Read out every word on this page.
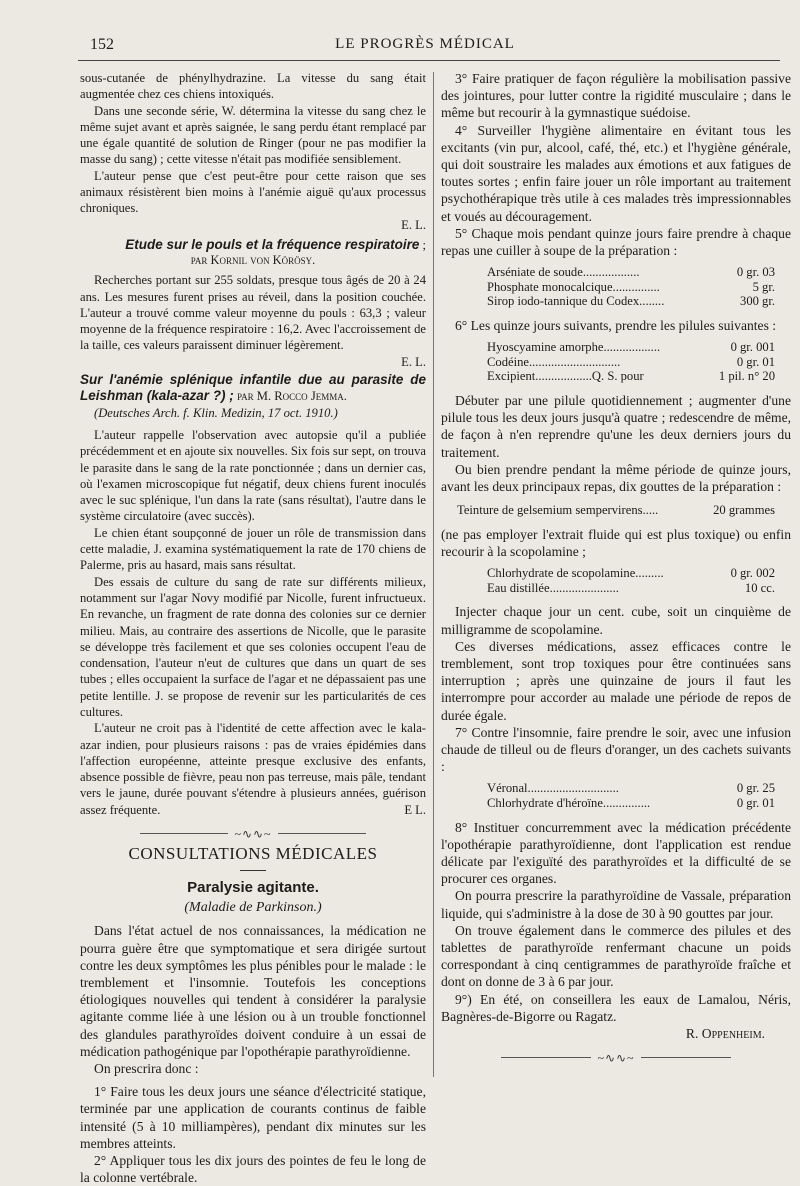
152	LE PROGRÈS MÉDICAL

sous-cutanée de phénylhydrazine. La vitesse du sang était augmentée chez ces chiens intoxiqués.

Dans une seconde série, W. détermina la vitesse du sang chez le même sujet avant et après saignée, le sang perdu étant remplacé par une égale quantité de solution de Ringer (pour ne pas modifier la masse du sang) ; cette vitesse n'était pas modifiée sensiblement.

L'auteur pense que c'est peut-être pour cette raison que ses animaux résistèrent bien moins à l'anémie aiguë qu'aux processus chroniques.

E. L.

Etude sur le pouls et la fréquence respiratoire ;

par Kornil von Körösy.

Recherches portant sur 255 soldats, presque tous âgés de 20 à 24 ans. Les mesures furent prises au réveil, dans la position couchée. L'auteur a trouvé comme valeur moyenne du pouls : 63,3 ; valeur moyenne de la fréquence respiratoire : 16,2. Avec l'accroissement de la taille, ces valeurs paraissent diminuer légèrement.

E. L.

Sur l'anémie splénique infantile due au parasite de Leishman (kala-azar ?) ; par M. Rocco Jemma.

(Deutsches Arch. f. Klin. Medizin, 17 oct. 1910.)

L'auteur rappelle l'observation avec autopsie qu'il a publiée précédemment et en ajoute six nouvelles. Six fois sur sept, on trouva le parasite dans le sang de la rate ponctionnée ; dans un dernier cas, où l'examen microscopique fut négatif, deux chiens furent inoculés avec le suc splénique, l'un dans la rate (sans résultat), l'autre dans le système circulatoire (avec succès).

Le chien étant soupçonné de jouer un rôle de transmission dans cette maladie, J. examina systématiquement la rate de 170 chiens de Palerme, pris au hasard, mais sans résultat.

Des essais de culture du sang de rate sur différents milieux, notamment sur l'agar Novy modifié par Nicolle, furent infructueux. En revanche, un fragment de rate donna des colonies sur ce dernier milieu. Mais, au contraire des assertions de Nicolle, que le parasite se développe très facilement et que ses colonies occupent l'eau de condensation, l'auteur n'eut de cultures que dans un quart de ses tubes ; elles occupaient la surface de l'agar et ne dépassaient pas une petite lentille. J. se propose de revenir sur les particularités de ces cultures.

L'auteur ne croit pas à l'identité de cette affection avec le kala-azar indien, pour plusieurs raisons : pas de vraies épidémies dans l'affection européenne, atteinte presque exclusive des enfants, absence possible de fièvre, peau non pas terreuse, mais pâle, tendant vers le jaune, durée pouvant s'étendre à plusieurs années, guérison assez fréquente.	E L.

~∿∿~
CONSULTATIONS MÉDICALES
Paralysie agitante.
(Maladie de Parkinson.)

Dans l'état actuel de nos connaissances, la médication ne pourra guère être que symptomatique et sera dirigée surtout contre les deux symptômes les plus pénibles pour le malade : le tremblement et l'insomnie. Toutefois les conceptions étiologiques nouvelles qui tendent à considérer la paralysie agitante comme liée à une lésion ou à un trouble fonctionnel des glandules parathyroïdes doivent conduire à un essai de médication pathogénique par l'opothérapie parathyroïdienne.

On prescrira donc :

1° Faire tous les deux jours une séance d'électricité statique, terminée par une application de courants continus de faible intensité (5 à 10 milliampères), pendant dix minutes sur les membres atteints.

2° Appliquer tous les dix jours des pointes de feu le long de la colonne vertébrale.

3° Faire pratiquer de façon régulière la mobilisation passive des jointures, pour lutter contre la rigidité musculaire ; dans le même but recourir à la gymnastique suédoise.

4° Surveiller l'hygiène alimentaire en évitant tous les excitants (vin pur, alcool, café, thé, etc.) et l'hygiène générale, qui doit soustraire les malades aux émotions et aux fatigues de toutes sortes ; enfin faire jouer un rôle important au traitement psychothérapique très utile à ces malades très impressionnables et voués au découragement.

5° Chaque mois pendant quinze jours faire prendre à chaque repas une cuiller à soupe de la préparation :

Arséniate de soude..................	0 gr. 03
Phosphate monocalcique...............	5 gr.
Sirop iodo-tannique du Codex........	300 gr.

6° Les quinze jours suivants, prendre les pilules suivantes :

Hyoscyamine amorphe..................	0 gr. 001
Codéine.............................	0 gr. 01
Excipient..................Q. S. pour	1 pil. n° 20

Débuter par une pilule quotidiennement ; augmenter d'une pilule tous les deux jours jusqu'à quatre ; redescendre de même, de façon à n'en reprendre qu'une les deux derniers jours du traitement.

Ou bien prendre pendant la même période de quinze jours, avant les deux principaux repas, dix gouttes de la préparation :

Teinture de gelsemium sempervirens.....	20 grammes

(ne pas employer l'extrait fluide qui est plus toxique) ou enfin recourir à la scopolamine ;

Chlorhydrate de scopolamine.........	0 gr. 002
Eau distillée......................	10 cc.

Injecter chaque jour un cent. cube, soit un cinquième de milligramme de scopolamine.

Ces diverses médications, assez efficaces contre le tremblement, sont trop toxiques pour être continuées sans interruption ; après une quinzaine de jours il faut les interrompre pour accorder au malade une période de repos de durée égale.

7° Contre l'insomnie, faire prendre le soir, avec une infusion chaude de tilleul ou de fleurs d'oranger, un des cachets suivants :

Véronal.............................	0 gr. 25
Chlorhydrate d'héroïne...............	0 gr. 01

8° Instituer concurremment avec la médication précédente l'opothérapie parathyroïdienne, dont l'application est rendue délicate par l'exiguïté des parathyroïdes et la difficulté de se procurer ces organes.

On pourra prescrire la parathyroïdine de Vassale, préparation liquide, qui s'administre à la dose de 30 à 90 gouttes par jour.

On trouve également dans le commerce des pilules et des tablettes de parathyroïde renfermant chacune un poids correspondant à cinq centigrammes de parathyroïde fraîche et dont on donne de 3 à 6 par jour.

9°) En été, on conseillera les eaux de Lamalou, Néris, Bagnères-de-Bigorre ou Ragatz.

R. Oppenheim.

~∿∿~
